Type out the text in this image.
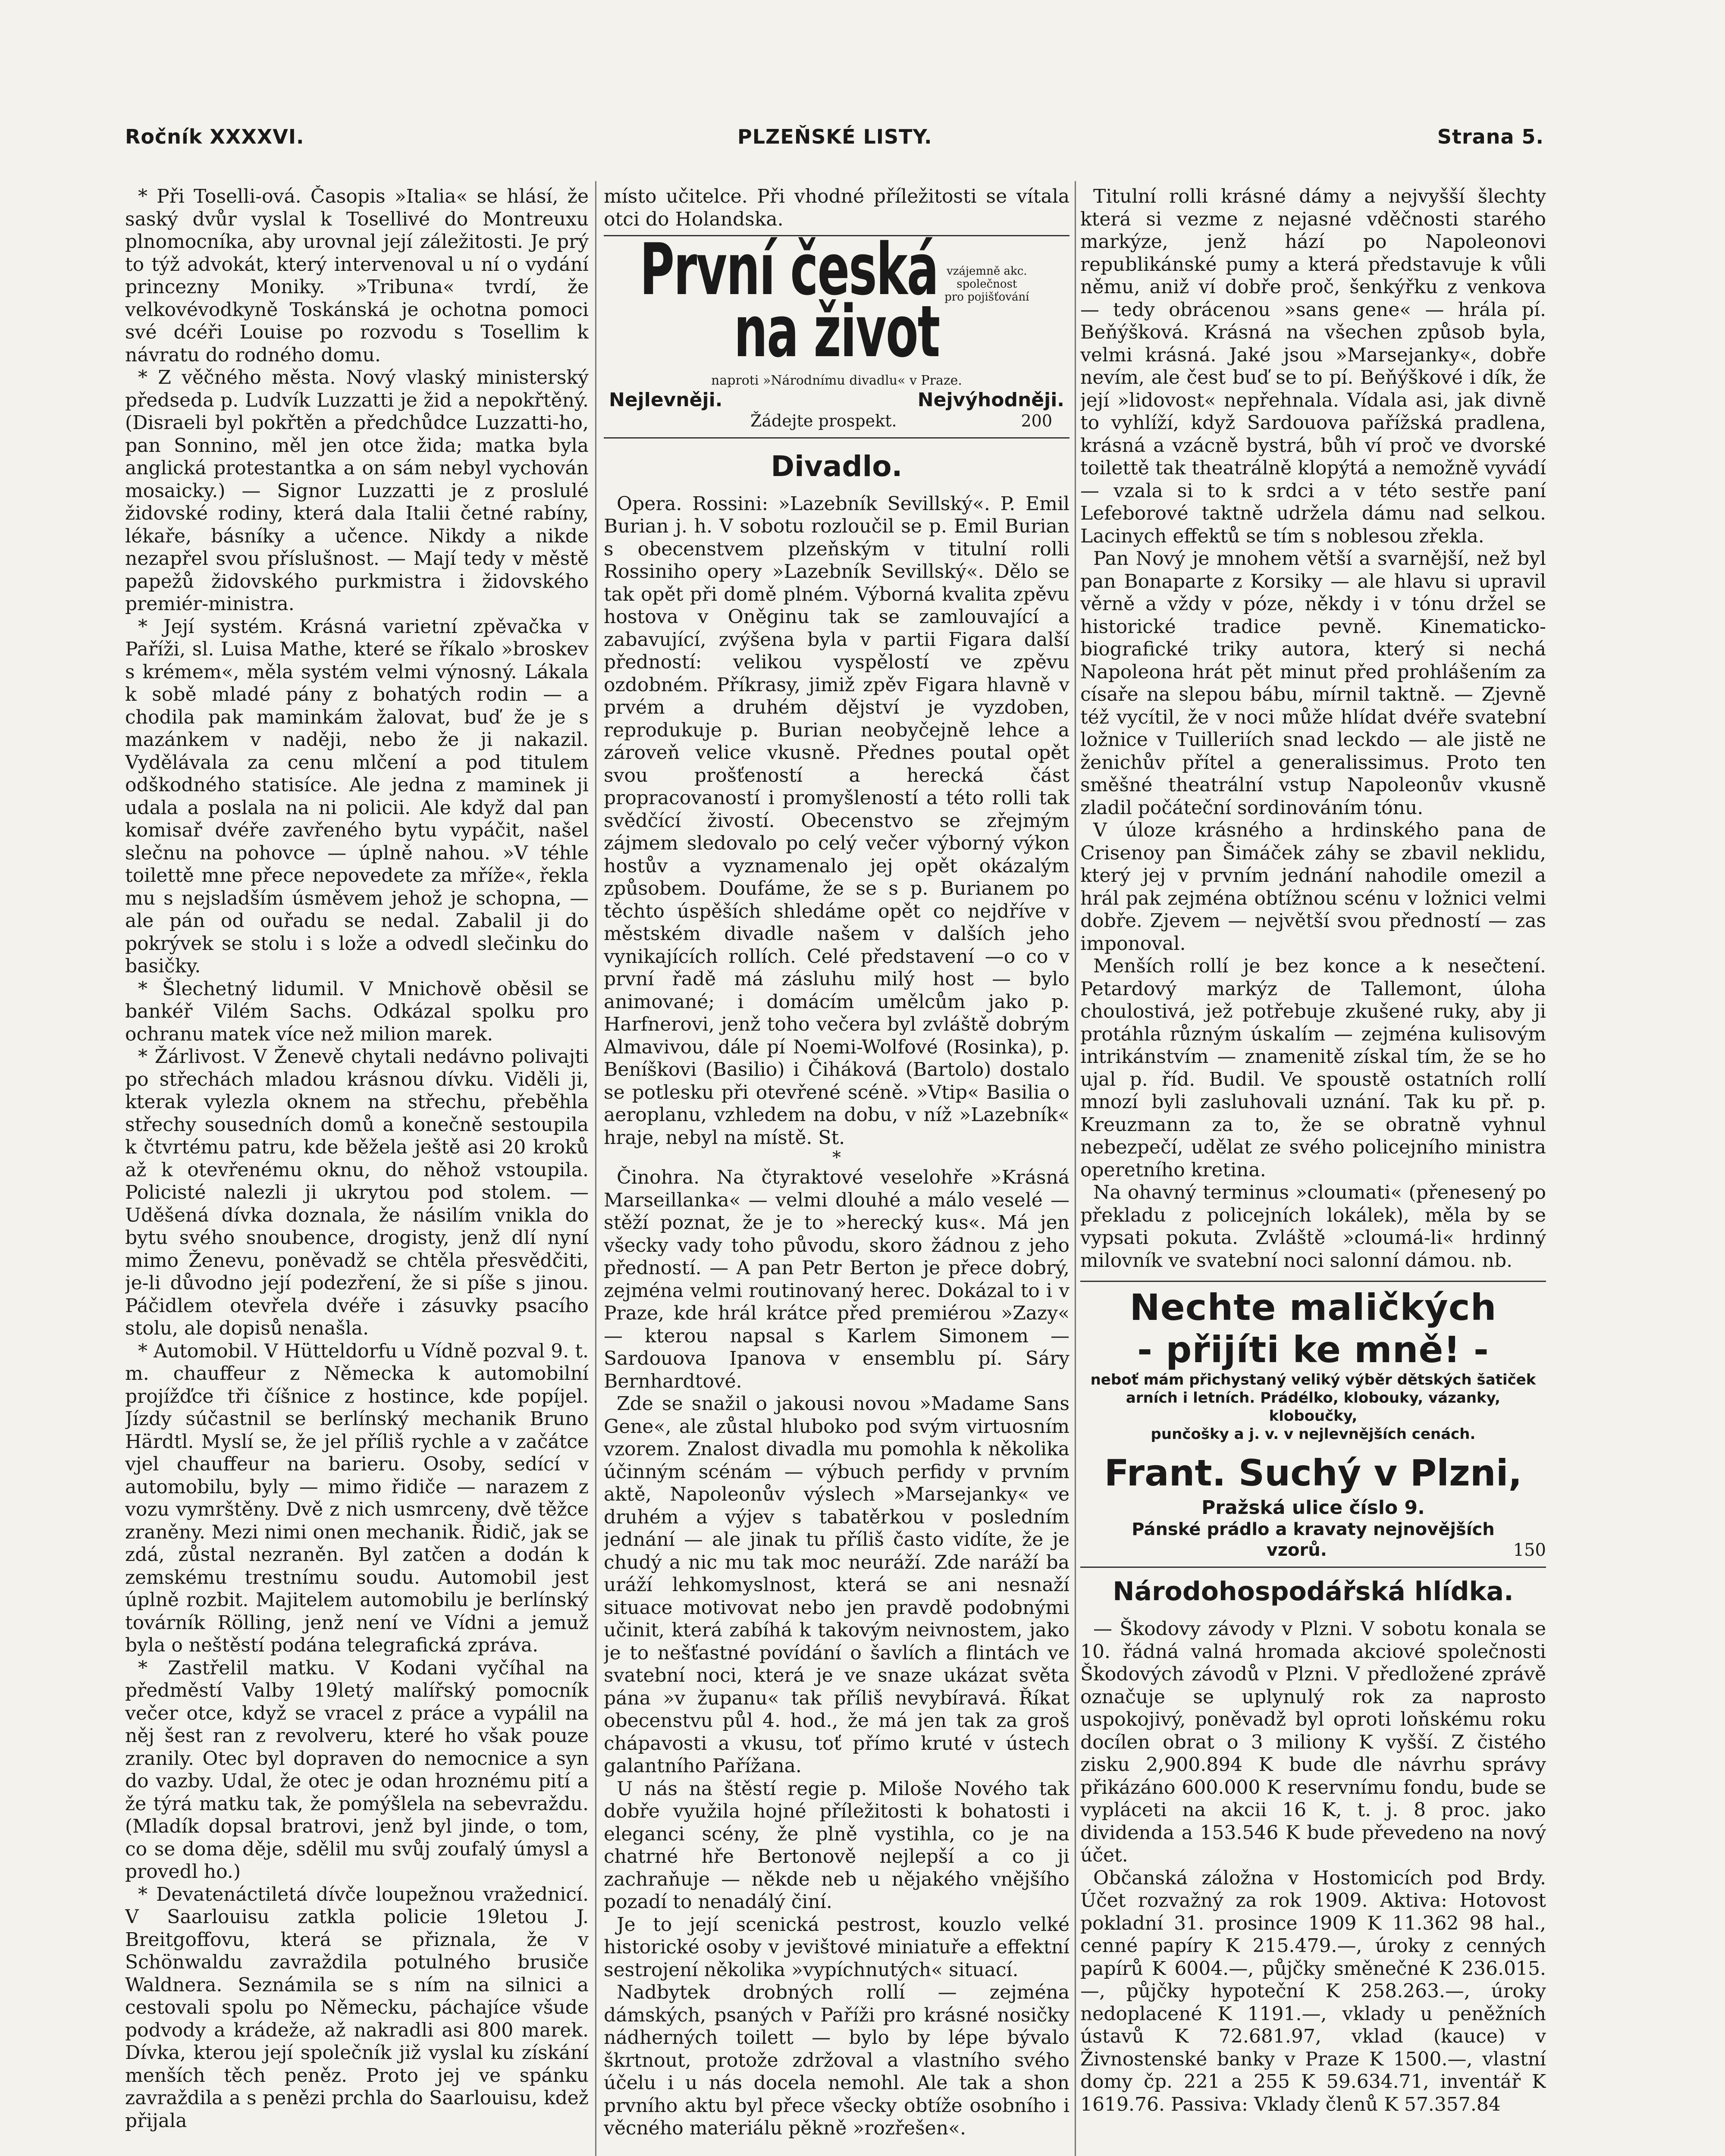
Ročník XXXXVI.	PLZEŇSKÉ LISTY.	Strana 5.

* Při Toselli-ová. Časopis »Italia« se hlásí, že saský dvůr vyslal k Tosellivé do Montreuxu plnomocníka, aby urovnal její záležitosti. Je prý to týž advokát, který intervenoval u ní o vydání princezny Moniky. »Tribuna« tvrdí, že velkovévodkyně Toskánská je ochotna pomoci své dcéři Louise po rozvodu s Tosellim k návratu do rodného domu.

* Z věčného města. Nový vlaský ministerský předseda p. Ludvík Luzzatti je žid a nepokřtěný. (Disraeli byl pokřtěn a předchůdce Luzzatti-ho, pan Sonnino, měl jen otce žida; matka byla anglická protestantka a on sám nebyl vychován mosaicky.) — Signor Luzzatti je z proslulé židovské rodiny, která dala Italii četné rabíny, lékaře, básníky a učence. Nikdy a nikde nezapřel svou příslušnost. — Mají tedy v městě papežů židovského purkmistra i židovského premiér-ministra.

* Její systém. Krásná varietní zpěvačka v Paříži, sl. Luisa Mathe, které se říkalo »broskev s krémem«, měla systém velmi výnosný. Lákala k sobě mladé pány z bohatých rodin — a chodila pak maminkám žalovat, buď že je s mazánkem v naději, nebo že ji nakazil. Vydělávala za cenu mlčení a pod titulem odškodného statisíce. Ale jedna z maminek ji udala a poslala na ni policii. Ale když dal pan komisař dvéře zavřeného bytu vypáčit, našel slečnu na pohovce — úplně nahou. »V téhle toilettě mne přece nepovedete za mříže«, řekla mu s nejsladším úsměvem jehož je schopna, — ale pán od ouřadu se nedal. Zabalil ji do pokrývek se stolu i s lože a odvedl slečinku do basičky.

* Šlechetný lidumil. V Mnichově oběsil se bankéř Vilém Sachs. Odkázal spolku pro ochranu matek více než milion marek.

* Žárlivost. V Ženevě chytali nedávno polivajti po střechách mladou krásnou dívku. Viděli ji, kterak vylezla oknem na střechu, přeběhla střechy sousedních domů a konečně sestoupila k čtvrtému patru, kde běžela ještě asi 20 kroků až k otevřenému oknu, do něhož vstoupila. Policisté nalezli ji ukrytou pod stolem. — Uděšená dívka doznala, že násilím vnikla do bytu svého snoubence, drogisty, jenž dlí nyní mimo Ženevu, poněvadž se chtěla přesvědčiti, je-li důvodno její podezření, že si píše s jinou. Páčidlem otevřela dvéře i zásuvky psacího stolu, ale dopisů nenašla.

* Automobil. V Hütteldorfu u Vídně pozval 9. t. m. chauffeur z Německa k automobilní projížďce tři číšnice z hostince, kde popíjel. Jízdy súčastnil se berlínský mechanik Bruno Härdtl. Myslí se, že jel příliš rychle a v začátce vjel chauffeur na barieru. Osoby, sedící v automobilu, byly — mimo řidiče — narazem z vozu vymrštěny. Dvě z nich usmrceny, dvě těžce zraněny. Mezi nimi onen mechanik. Řidič, jak se zdá, zůstal nezraněn. Byl zatčen a dodán k zemskému trestnímu soudu. Automobil jest úplně rozbit. Majitelem automobilu je berlínský továrník Rölling, jenž není ve Vídni a jemuž byla o neštěstí podána telegrafická zpráva.

* Zastřelil matku. V Kodani vyčíhal na předměstí Valby 19letý malířský pomocník večer otce, když se vracel z práce a vypálil na něj šest ran z revolveru, které ho však pouze zranily. Otec byl dopraven do nemocnice a syn do vazby. Udal, že otec je odan hroznému pití a že týrá matku tak, že pomýšlela na sebevraždu. (Mladík dopsal bratrovi, jenž byl jinde, o tom, co se doma děje, sdělil mu svůj zoufalý úmysl a provedl ho.)

* Devatenáctiletá dívče loupežnou vražednicí. V Saarlouisu zatkla policie 19letou J. Breitgoffovu, která se přiznala, že v Schönwaldu zavraždila potulného brusiče Waldnera. Seznámila se s ním na silnici a cestovali spolu po Německu, páchajíce všude podvody a krádeže, až nakradli asi 800 marek. Dívka, kterou její společník již vyslal ku získání menších těch peněz. Proto jej ve spánku zavraždila a s penězi prchla do Saarlouisu, kdež přijala

místo učitelce. Při vhodné příležitosti se vítala otci do Holandska.

První česká vzájemně akc.
společnost
pro pojišťování na život
naproti »Národnímu divadlu« v Praze.
Nejlevněji.	Nejvýhodněji.
Žádejte prospekt.	200
Divadlo.

Opera. Rossini: »Lazebník Sevillský«. P. Emil Burian j. h. V sobotu rozloučil se p. Emil Burian s obecenstvem plzeňským v titulní rolli Rossiniho opery »Lazebník Sevillský«. Dělo se tak opět při domě plném. Výborná kvalita zpěvu hostova v Oněginu tak se zamlouvající a zabavující, zvýšena byla v partii Figara další předností: velikou vyspělostí ve zpěvu ozdobném. Příkrasy, jimiž zpěv Figara hlavně v prvém a druhém dějství je vyzdoben, reprodukuje p. Burian neobyčejně lehce a zároveň velice vkusně. Přednes poutal opět svou prošťeností a herecká část propracovaností i promyšleností a této rolli tak svědčící živostí. Obecenstvo se zřejmým zájmem sledovalo po celý večer výborný výkon hostův a vyznamenalo jej opět okázalým způsobem. Doufáme, že se s p. Burianem po těchto úspěších shledáme opět co nejdříve v městském divadle našem v dalších jeho vynikajících rollích. Celé představení —o co v první řadě má zásluhu milý host — bylo animované; i domácím umělcům jako p. Harfnerovi, jenž toho večera byl zvláště dobrým Almavivou, dále pí Noemi-Wolfové (Rosinka), p. Beníškovi (Basilio) i Čiháková (Bartolo) dostalo se potlesku při otevřené scéně. »Vtip« Basilia o aeroplanu, vzhledem na dobu, v níž »Lazebník« hraje, nebyl na místě. St.

*

Činohra. Na čtyraktové veselohře »Krásná Marseillanka« — velmi dlouhé a málo veselé — stěží poznat, že je to »herecký kus«. Má jen všecky vady toho původu, skoro žádnou z jeho předností. — A pan Petr Berton je přece dobrý, zejména velmi routinovaný herec. Dokázal to i v Praze, kde hrál krátce před premiérou »Zazy« — kterou napsal s Karlem Simonem — Sardouova Ipanova v ensemblu pí. Sáry Bernhardtové.

Zde se snažil o jakousi novou »Madame Sans Gene«, ale zůstal hluboko pod svým virtuosním vzorem. Znalost divadla mu pomohla k několika účinným scénám — výbuch perfidy v prvním aktě, Napoleonův výslech »Marsejanky« ve druhém a výjev s tabatěrkou v posledním jednání — ale jinak tu příliš často vidíte, že je chudý a nic mu tak moc neuráží. Zde naráží ba uráží lehkomyslnost, která se ani nesnaží situace motivovat nebo jen pravdě podobnými učinit, která zabíhá k takovým neivnostem, jako je to nešťastné povídání o šavlích a flintách ve svatební noci, která je ve snaze ukázat světa pána »v županu« tak příliš nevybíravá. Říkat obecenstvu půl 4. hod., že má jen tak za groš chápavosti a vkusu, toť přímo kruté v ústech galantního Pařížana.

U nás na štěstí regie p. Miloše Nového tak dobře využila hojné příležitosti k bohatosti i eleganci scény, že plně vystihla, co je na chatrné hře Bertonově nejlepší a co ji zachraňuje — někde neb u nějakého vnějšího pozadí to nenadálý činí.

Je to její scenická pestrost, kouzlo velké historické osoby v jevištové miniatuře a effektní sestrojení několika »vypíchnutých« situací.

Nadbytek drobných rollí — zejména dámských, psaných v Paříži pro krásné nosičky nádherných toilett — bylo by lépe bývalo škrtnout, protože zdržoval a vlastního svého účelu i u nás docela nemohl. Ale tak a shon prvního aktu byl přece všecky obtíže osobního i věcného materiálu pěkně »rozřešen«.

Titulní rolli krásné dámy a nejvyšší šlechty která si vezme z nejasné vděčnosti starého markýze, jenž hází po Napoleonovi republikánské pumy a která představuje k vůli němu, aniž ví dobře proč, šenkýřku z venkova — tedy obrácenou »sans gene« — hrála pí. Beňýšková. Krásná na všechen způsob byla, velmi krásná. Jaké jsou »Marsejanky«, dobře nevím, ale čest buď se to pí. Beňýškové i dík, že její »lidovost« nepřehnala. Vídala asi, jak divně to vyhlíží, když Sardouova pařížská pradlena, krásná a vzácně bystrá, bůh ví proč ve dvorské toilettě tak theatrálně klopýtá a nemožně vyvádí — vzala si to k srdci a v této sestře paní Lefeborové taktně udržela dámu nad selkou. Lacinych effektů se tím s noblesou zřekla.

Pan Nový je mnohem větší a svarnější, než byl pan Bonaparte z Korsiky — ale hlavu si upravil věrně a vždy v póze, někdy i v tónu držel se historické tradice pevně. Kinematicko-biografické triky autora, který si nechá Napoleona hrát pět minut před prohlášením za císaře na slepou bábu, mírnil taktně. — Zjevně též vycítil, že v noci může hlídat dvéře svatební ložnice v Tuilleriích snad leckdo — ale jistě ne ženichův přítel a generalissimus. Proto ten směšné theatrální vstup Napoleonův vkusně zladil počáteční sordinováním tónu.

V úloze krásného a hrdinského pana de Crisenoy pan Šimáček záhy se zbavil neklidu, který jej v prvním jednání nahodile omezil a hrál pak zejména obtížnou scénu v ložnici velmi dobře. Zjevem — největší svou předností — zas imponoval.

Menších rollí je bez konce a k nesečtení. Petardový markýz de Tallemont, úloha choulostivá, jež potřebuje zkušené ruky, aby ji protáhla různým úskalím — zejména kulisovým intrikánstvím — znamenitě získal tím, že se ho ujal p. říd. Budil. Ve spoustě ostatních rollí mnozí byli zasluhovali uznání. Tak ku př. p. Kreuzmann za to, že se obratně vyhnul nebezpečí, udělat ze svého policejního ministra operetního kretina.

Na ohavný terminus »cloumati« (přenesený po překladu z policejních lokálek), měla by se vypsati pokuta. Zvláště »cloumá-li« hrdinný milovník ve svatební noci salonní dámou. nb.

Nechte maličkých
- přijíti ke mně! -
neboť mám přichystaný veliký výběr dětských šatiček
arních i letních. Prádélko, klobouky, vázanky, kloboučky,
punčošky a j. v. v nejlevnějších cenách.
Frant. Suchý v Plzni,
Pražská ulice číslo 9.
Pánské prádlo a kravaty nejnovějších
vzorů.	150
Národohospodářská hlídka.

— Škodovy závody v Plzni. V sobotu konala se 10. řádná valná hromada akciové společnosti Škodových závodů v Plzni. V předložené zprávě označuje se uplynulý rok za naprosto uspokojivý, poněvadž byl oproti loňskému roku docílen obrat o 3 miliony K vyšší. Z čistého zisku 2,900.894 K bude dle návrhu správy přikázáno 600.000 K reservnímu fondu, bude se vypláceti na akcii 16 K, t. j. 8 proc. jako dividenda a 153.546 K bude převedeno na nový účet.

Občanská záložna v Hostomicích pod Brdy. Účet rozvažný za rok 1909. Aktiva: Hotovost pokladní 31. prosince 1909 K 11.362 98 hal., cenné papíry K 215.479.—, úroky z cenných papírů K 6004.—, půjčky směnečné K 236.015.—, půjčky hypoteční K 258.263.—, úroky nedoplacené K 1191.—, vklady u peněžních ústavů K 72.681.97, vklad (kauce) v Živnostenské banky v Praze K 1500.—, vlastní domy čp. 221 a 255 K 59.634.71, inventář K 1619.76. Passiva: Vklady členů K 57.357.84
